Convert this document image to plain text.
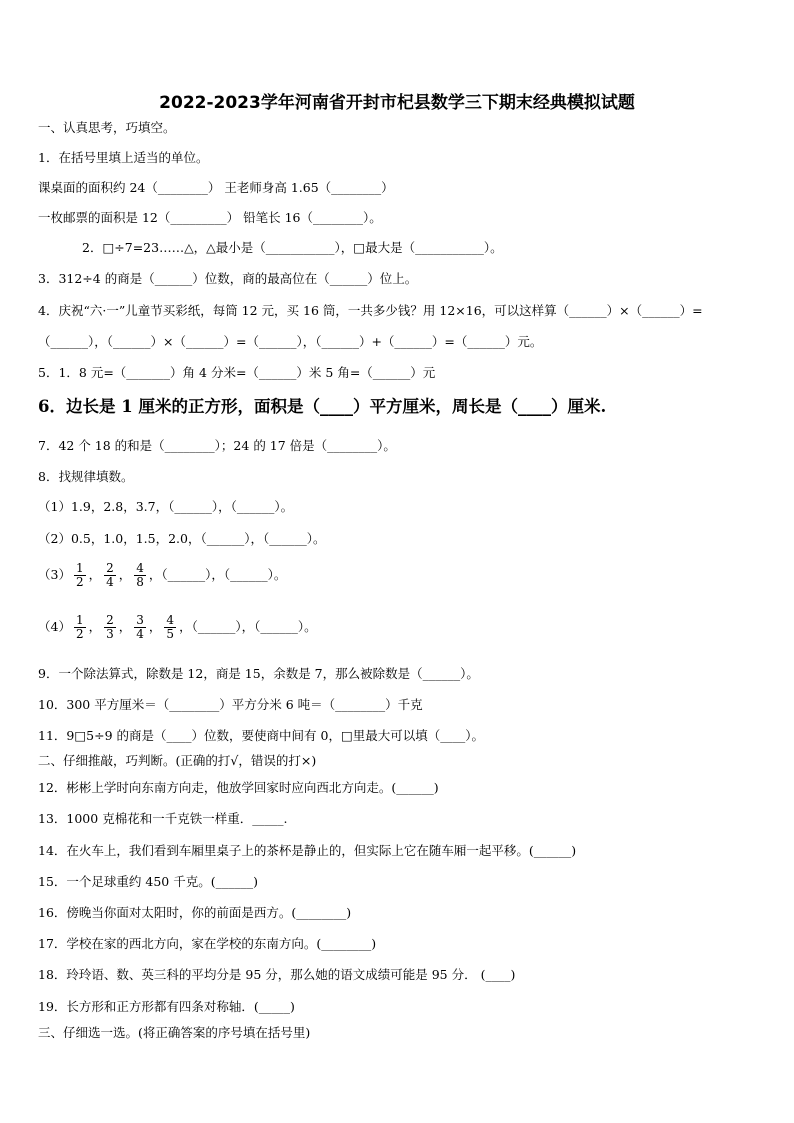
2022-2023学年河南省开封市杞县数学三下期末经典模拟试题
一、认真思考，巧填空。
1．在括号里填上适当的单位。
课桌面的面积约 24（________） 王老师身高 1.65（________）
一枚邮票的面积是 12（_________） 铅笔长 16（________）。
2．□÷7=23……△，△最小是（___________），□最大是（___________）。
3．312÷4 的商是（______）位数，商的最高位在（______）位上。
4．庆祝“六·一”儿童节买彩纸，每筒 12 元，买 16 筒，一共多少钱？用 12×16，可以这样算（______）×（______）=
（______），（______）×（______）=（______），（______）+（______）=（______）元。
5．1．8 元=（_______）角 4 分米=（______）米 5 角=（______）元
6．边长是 1 厘米的正方形，面积是（____）平方厘米，周长是（____）厘米.
7．42 个 18 的和是（________）；24 的 17 倍是（________）。
8．找规律填数。
（1）1.9，2.8，3.7，（______），（______）。
（2）0.5，1.0，1.5，2.0，（______），（______）。
$(3) \frac{1}{2}$ ， $\frac{2}{4}$ ， $\frac{4}{8}$ ，（______），（______）。
$(4) \frac{1}{2}$ ， $\frac{2}{3}$ ， $\frac{3}{4}$ ， $\frac{4}{5}$ ，（______），（______）。
9．一个除法算式，除数是 12，商是 15，余数是 7，那么被除数是（______）。
10．300 平方厘米＝（________）平方分米 6 吨＝（________）千克
11．9□5÷9 的商是（____）位数，要使商中间有 0，□里最大可以填（____）。
二、仔细推敲，巧判断。(正确的打√，错误的打×)
12．彬彬上学时向东南方向走，他放学回家时应向西北方向走。(______)
13．1000 克棉花和一千克铁一样重．_____.
14．在火车上，我们看到车厢里桌子上的茶杯是静止的，但实际上它在随车厢一起平移。(______)
15．一个足球重约 450 千克。(______)
16．傍晚当你面对太阳时，你的前面是西方。(________)
17．学校在家的西北方向，家在学校的东南方向。(________)
18．玲玲语、数、英三科的平均分是 95 分，那么她的语文成绩可能是 95 分． (____)
19．长方形和正方形都有四条对称轴．(_____)
三、仔细选一选。(将正确答案的序号填在括号里)
